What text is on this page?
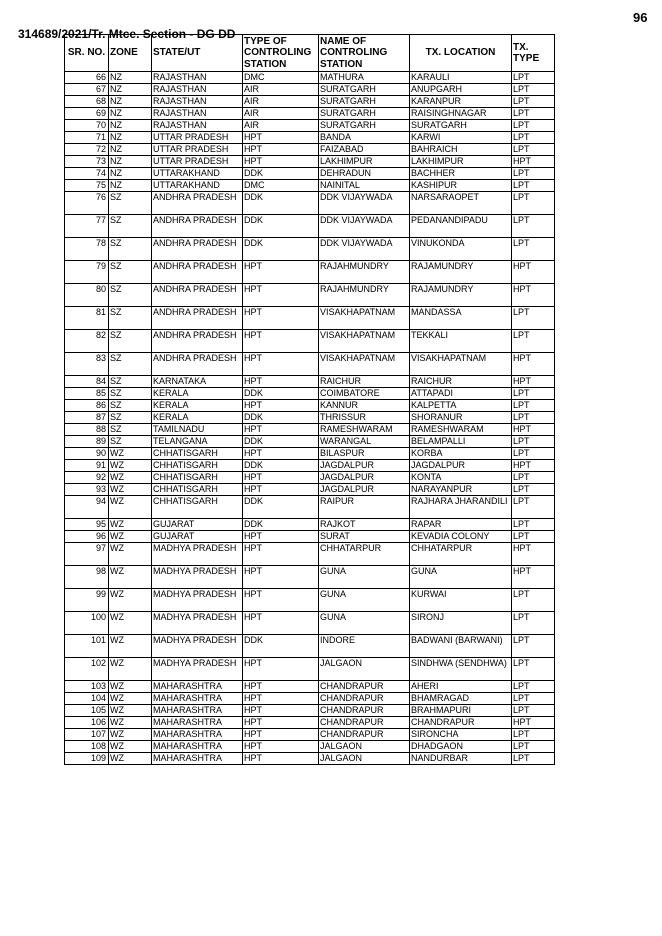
96
314689/2021/Tr. Mtce. Section - DG DD
SR. NO.	ZONE	STATE/UT	TYPE OF CONTROLING STATION	NAME OF CONTROLING STATION	TX. LOCATION	TX. TYPE
66	NZ	RAJASTHAN	DMC	MATHURA	KARAULI	LPT
67	NZ	RAJASTHAN	AIR	SURATGARH	ANUPGARH	LPT
68	NZ	RAJASTHAN	AIR	SURATGARH	KARANPUR	LPT
69	NZ	RAJASTHAN	AIR	SURATGARH	RAISINGHNAGAR	LPT
70	NZ	RAJASTHAN	AIR	SURATGARH	SURATGARH	LPT
71	NZ	UTTAR PRADESH	HPT	BANDA	KARWI	LPT
72	NZ	UTTAR PRADESH	HPT	FAIZABAD	BAHRAICH	LPT
73	NZ	UTTAR PRADESH	HPT	LAKHIMPUR	LAKHIMPUR	HPT
74	NZ	UTTARAKHAND	DDK	DEHRADUN	BACHHER	LPT
75	NZ	UTTARAKHAND	DMC	NAINITAL	KASHIPUR	LPT
76	SZ	ANDHRA PRADESH	DDK	DDK VIJAYWADA	NARSARAOPET	LPT
77	SZ	ANDHRA PRADESH	DDK	DDK VIJAYWADA	PEDANANDIPADU	LPT
78	SZ	ANDHRA PRADESH	DDK	DDK VIJAYWADA	VINUKONDA	LPT
79	SZ	ANDHRA PRADESH	HPT	RAJAHMUNDRY	RAJAMUNDRY	HPT
80	SZ	ANDHRA PRADESH	HPT	RAJAHMUNDRY	RAJAMUNDRY	HPT
81	SZ	ANDHRA PRADESH	HPT	VISAKHAPATNAM	MANDASSA	LPT
82	SZ	ANDHRA PRADESH	HPT	VISAKHAPATNAM	TEKKALI	LPT
83	SZ	ANDHRA PRADESH	HPT	VISAKHAPATNAM	VISAKHAPATNAM	HPT
84	SZ	KARNATAKA	HPT	RAICHUR	RAICHUR	HPT
85	SZ	KERALA	DDK	COIMBATORE	ATTAPADI	LPT
86	SZ	KERALA	HPT	KANNUR	KALPETTA	LPT
87	SZ	KERALA	DDK	THRISSUR	SHORANUR	LPT
88	SZ	TAMILNADU	HPT	RAMESHWARAM	RAMESHWARAM	HPT
89	SZ	TELANGANA	DDK	WARANGAL	BELAMPALLI	LPT
90	WZ	CHHATISGARH	HPT	BILASPUR	KORBA	LPT
91	WZ	CHHATISGARH	DDK	JAGDALPUR	JAGDALPUR	HPT
92	WZ	CHHATISGARH	HPT	JAGDALPUR	KONTA	LPT
93	WZ	CHHATISGARH	HPT	JAGDALPUR	NARAYANPUR	LPT
94	WZ	CHHATISGARH	DDK	RAIPUR	RAJHARA JHARANDILI	LPT
95	WZ	GUJARAT	DDK	RAJKOT	RAPAR	LPT
96	WZ	GUJARAT	HPT	SURAT	KEVADIA COLONY	LPT
97	WZ	MADHYA PRADESH	HPT	CHHATARPUR	CHHATARPUR	HPT
98	WZ	MADHYA PRADESH	HPT	GUNA	GUNA	HPT
99	WZ	MADHYA PRADESH	HPT	GUNA	KURWAI	LPT
100	WZ	MADHYA PRADESH	HPT	GUNA	SIRONJ	LPT
101	WZ	MADHYA PRADESH	DDK	INDORE	BADWANI (BARWANI)	LPT
102	WZ	MADHYA PRADESH	HPT	JALGAON	SINDHWA (SENDHWA)	LPT
103	WZ	MAHARASHTRA	HPT	CHANDRAPUR	AHERI	LPT
104	WZ	MAHARASHTRA	HPT	CHANDRAPUR	BHAMRAGAD	LPT
105	WZ	MAHARASHTRA	HPT	CHANDRAPUR	BRAHMAPURI	LPT
106	WZ	MAHARASHTRA	HPT	CHANDRAPUR	CHANDRAPUR	HPT
107	WZ	MAHARASHTRA	HPT	CHANDRAPUR	SIRONCHA	LPT
108	WZ	MAHARASHTRA	HPT	JALGAON	DHADGAON	LPT
109	WZ	MAHARASHTRA	HPT	JALGAON	NANDURBAR	LPT
